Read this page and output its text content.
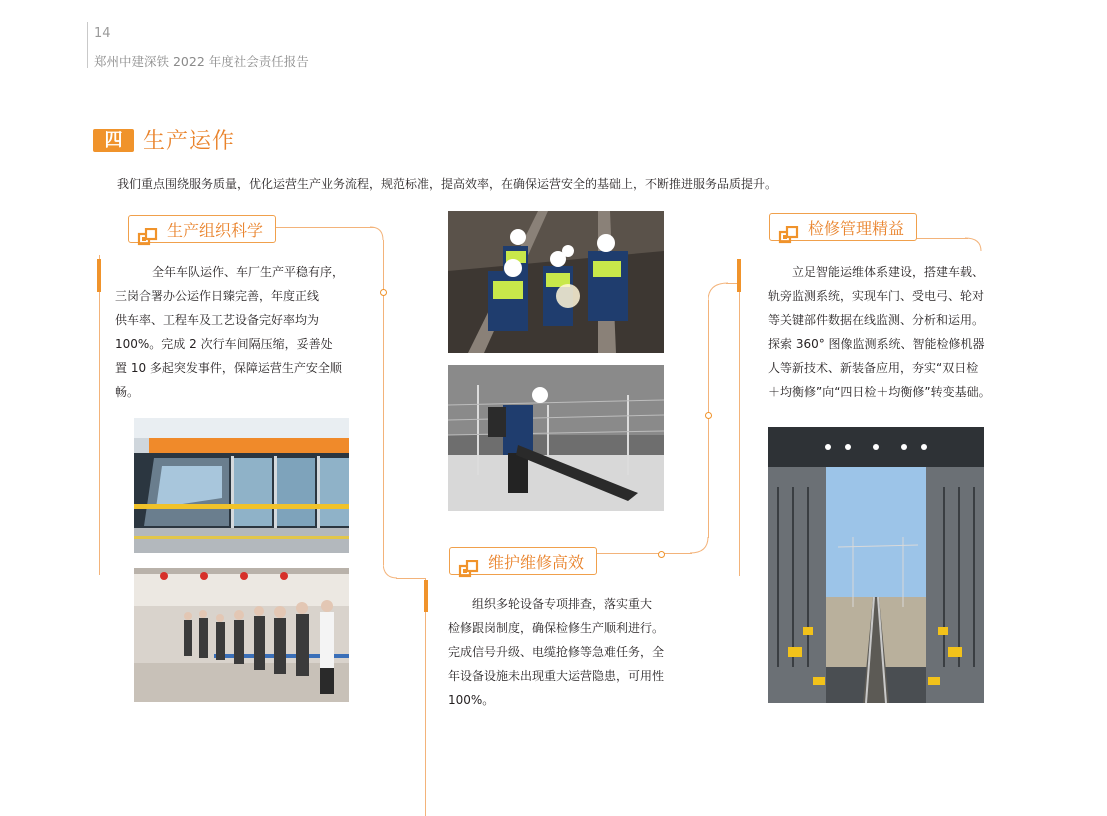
14
郑州中建深铁 2022 年度社会责任报告
四 生产运作
我们重点围绕服务质量，优化运营生产业务流程，规范标准，提高效率，在确保运营安全的基础上，不断推进服务品质提升。
生产组织科学
全年车队运作、车厂生产平稳有序，
三岗合署办公运作日臻完善，年度正线
供车率、工程车及工艺设备完好率均为
100%。完成 2 次行车间隔压缩，妥善处
置 10 多起突发事件，保障运营生产安全顺
畅。
维护维修高效
组织多轮设备专项排查，落实重大
检修跟岗制度，确保检修生产顺利进行。
完成信号升级、电缆抢修等急难任务，全
年设备设施未出现重大运营隐患，可用性
100%。
检修管理精益
立足智能运维体系建设，搭建车载、
轨旁监测系统，实现车门、受电弓、轮对
等关键部件数据在线监测、分析和运用。
探索 360° 图像监测系统、智能检修机器
人等新技术、新装备应用，夯实“双日检
＋均衡修”向“四日检＋均衡修”转变基础。
